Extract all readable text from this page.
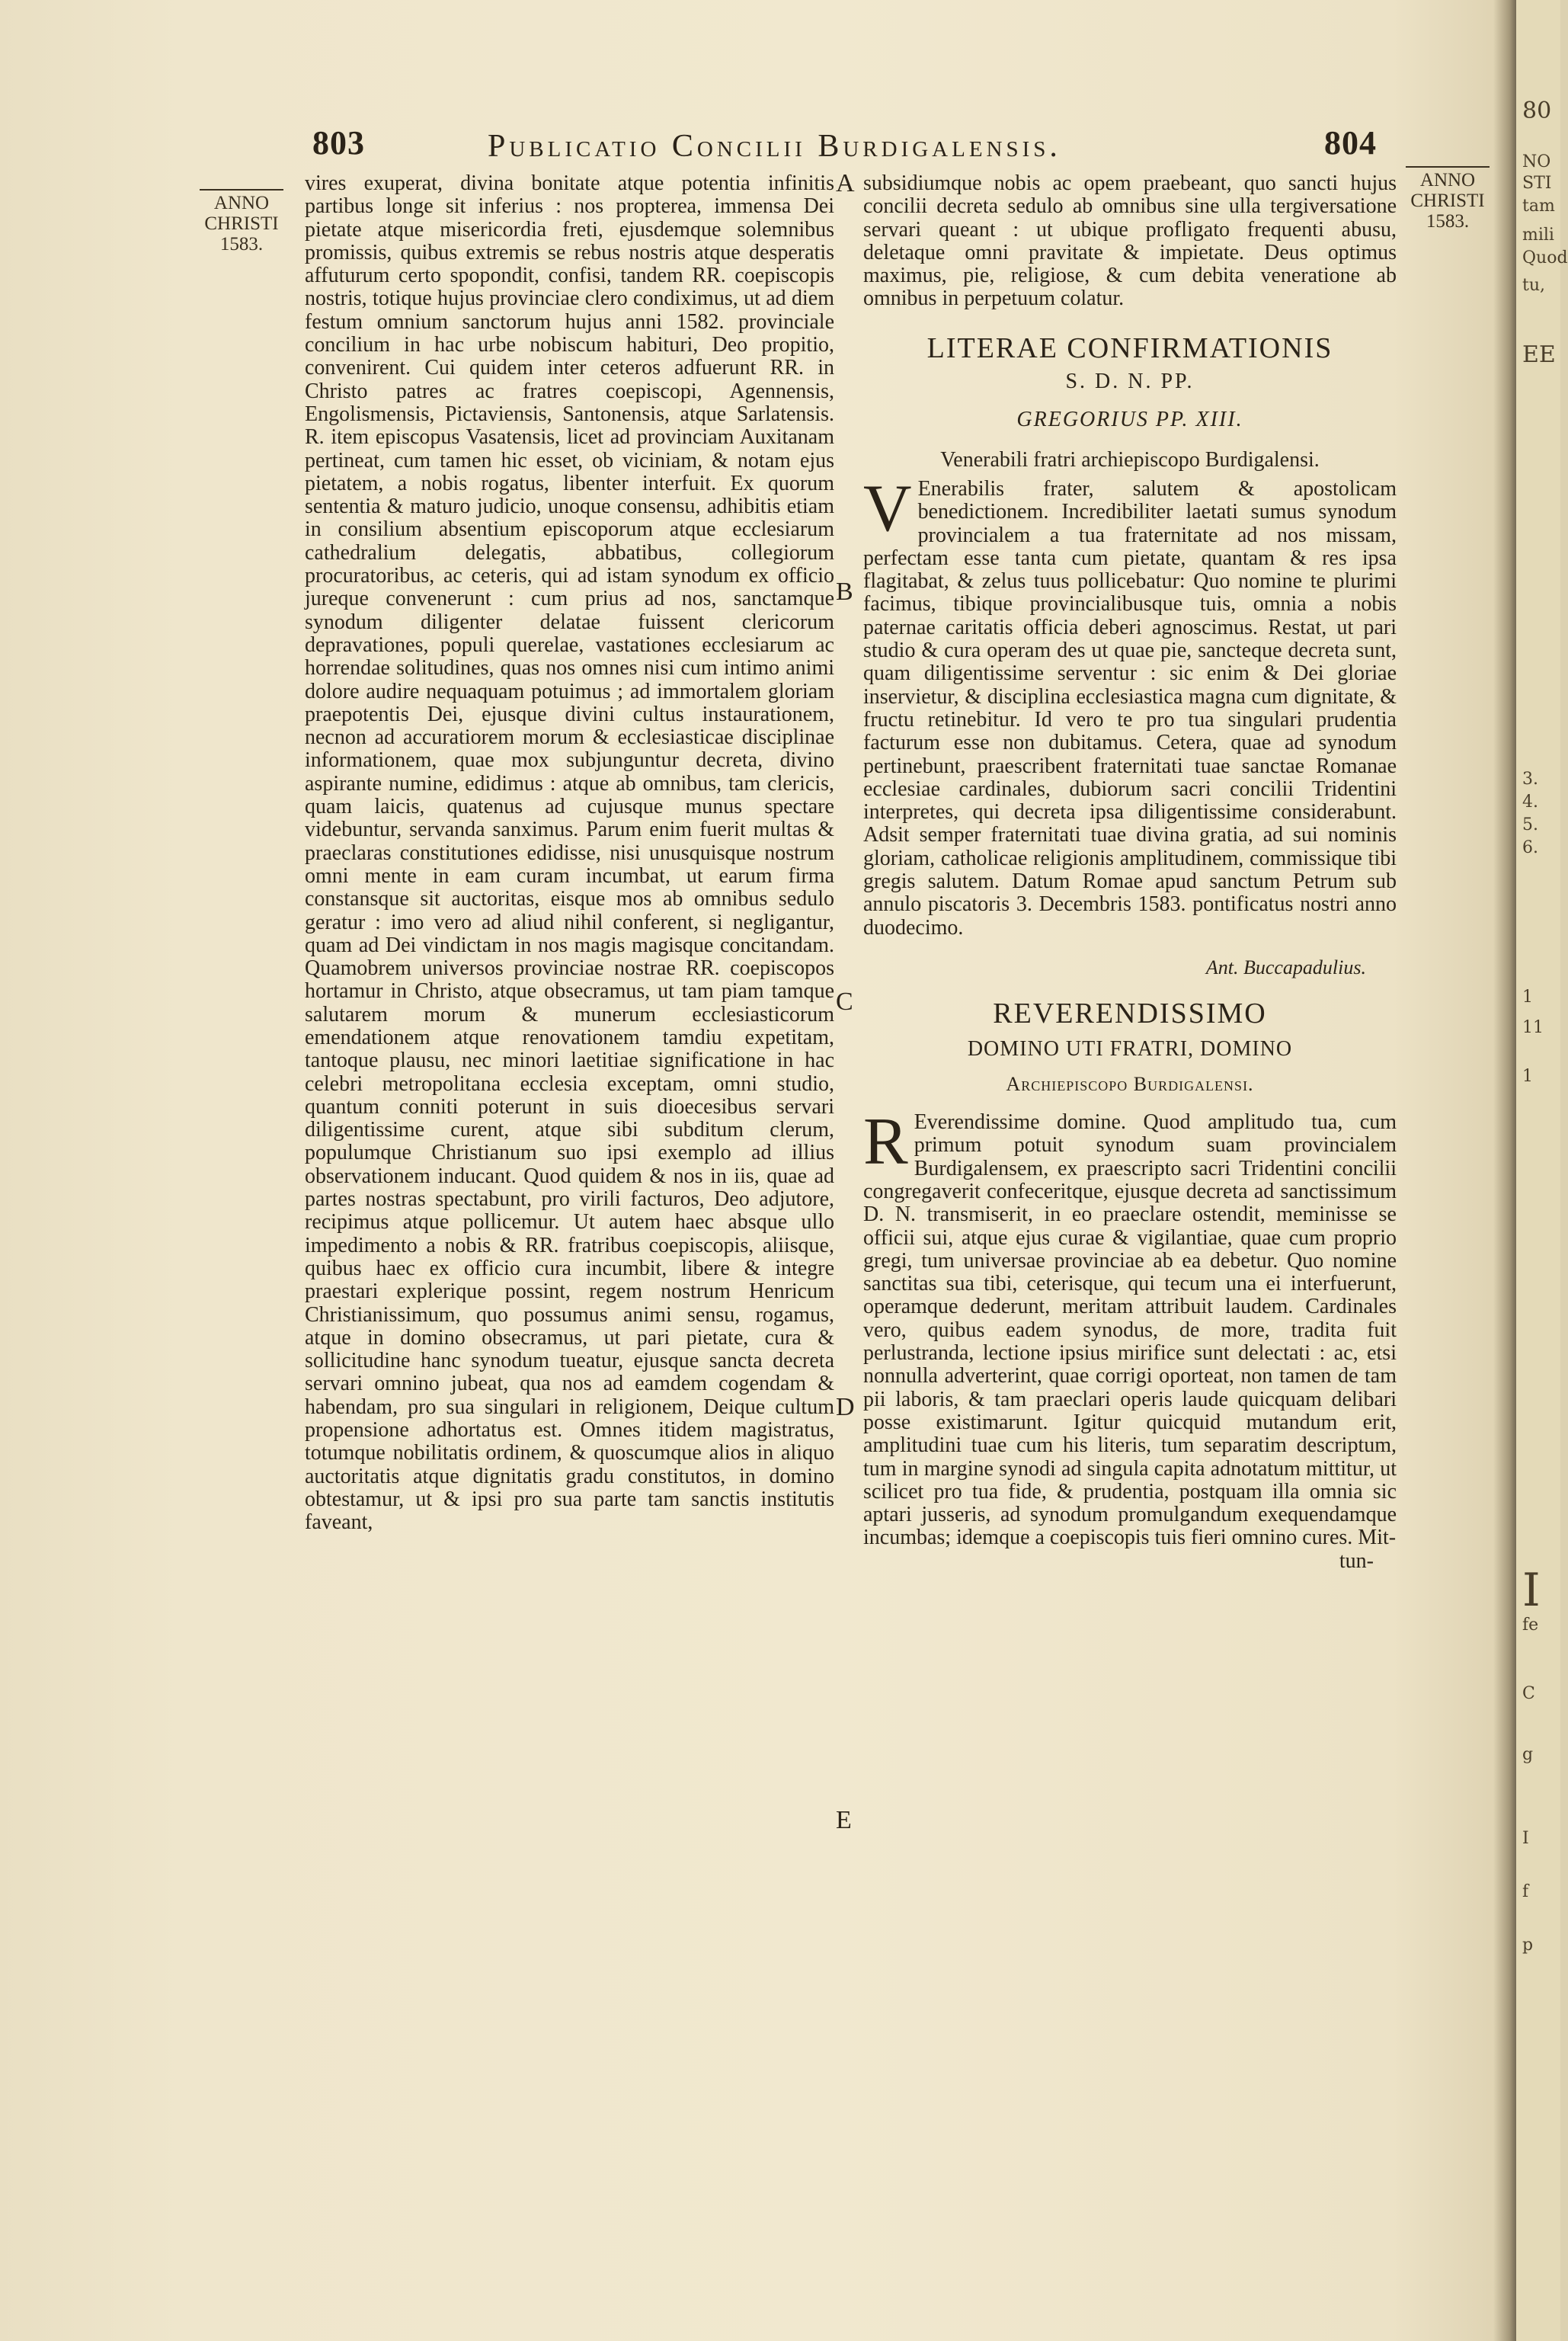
803	Publicatio Concilii Burdigalensis.	804
ANNO
CHRISTI
1583.
ANNO
CHRISTI
1583.
A
B
C
D
E

vires exuperat, divina bonitate atque potentia infinitis partibus longe sit inferius : nos propterea, immensa Dei pietate atque misericordia freti, ejusdemque solemnibus promissis, quibus extremis se rebus nostris atque desperatis affuturum certo spopondit, confisi, tandem RR. coepiscopis nostris, totique hujus provinciae clero condiximus, ut ad diem festum omnium sanctorum hujus anni 1582. provinciale concilium in hac urbe nobiscum habituri, Deo propitio, convenirent. Cui quidem inter ceteros adfuerunt RR. in Christo patres ac fratres coepiscopi, Agennensis, Engolismensis, Pictaviensis, Santonensis, atque Sarlatensis. R. item episcopus Vasatensis, licet ad provinciam Auxitanam pertineat, cum tamen hic esset, ob viciniam, & notam ejus pietatem, a nobis rogatus, libenter interfuit. Ex quorum sententia & maturo judicio, unoque consensu, adhibitis etiam in consilium absentium episcoporum atque ecclesiarum cathedralium delegatis, abbatibus, collegiorum procuratoribus, ac ceteris, qui ad istam synodum ex officio jureque convenerunt : cum prius ad nos, sanctamque synodum diligenter delatae fuissent clericorum depravationes, populi querelae, vastationes ecclesiarum ac horrendae solitudines, quas nos omnes nisi cum intimo animi dolore audire nequaquam potuimus ; ad immortalem gloriam praepotentis Dei, ejusque divini cultus instaurationem, necnon ad accuratiorem morum & ecclesiasticae disciplinae informationem, quae mox subjunguntur decreta, divino aspirante numine, edidimus : atque ab omnibus, tam clericis, quam laicis, quatenus ad cujusque munus spectare videbuntur, servanda sanximus. Parum enim fuerit multas & praeclaras constitutiones edidisse, nisi unusquisque nostrum omni mente in eam curam incumbat, ut earum firma constansque sit auctoritas, eisque mos ab omnibus sedulo geratur : imo vero ad aliud nihil conferent, si negligantur, quam ad Dei vindictam in nos magis magisque concitandam. Quamobrem universos provinciae nostrae RR. coepiscopos hortamur in Christo, atque obsecramus, ut tam piam tamque salutarem morum & munerum ecclesiasticorum emendationem atque renovationem tamdiu expetitam, tantoque plausu, nec minori laetitiae significatione in hac celebri metropolitana ecclesia exceptam, omni studio, quantum conniti poterunt in suis dioecesibus servari diligentissime curent, atque sibi subditum clerum, populumque Christianum suo ipsi exemplo ad illius observationem inducant. Quod quidem & nos in iis, quae ad partes nostras spectabunt, pro virili facturos, Deo adjutore, recipimus atque pollicemur. Ut autem haec absque ullo impedimento a nobis & RR. fratribus coepiscopis, aliisque, quibus haec ex officio cura incumbit, libere & integre praestari explerique possint, regem nostrum Henricum Christianissimum, quo possumus animi sensu, rogamus, atque in domino obsecramus, ut pari pietate, cura & sollicitudine hanc synodum tueatur, ejusque sancta decreta servari omnino jubeat, qua nos ad eamdem cogendam & habendam, pro sua singulari in religionem, Deique cultum propensione adhortatus est. Omnes itidem magistratus, totumque nobilitatis ordinem, & quoscumque alios in aliquo auctoritatis atque dignitatis gradu constitutos, in domino obtestamur, ut & ipsi pro sua parte tam sanctis institutis faveant,

subsidiumque nobis ac opem praebeant, quo sancti hujus concilii decreta sedulo ab omnibus sine ulla tergiversatione servari queant : ut ubique profligato frequenti abusu, deletaque omni pravitate & impietate. Deus optimus maximus, pie, religiose, & cum debita veneratione ab omnibus in perpetuum colatur.

LITERAE CONFIRMATIONIS
S. D. N. PP.
GREGORIUS PP. XIII.
Venerabili fratri archiepiscopo Burdigalensi.

V Enerabilis frater, salutem & apostolicam benedictionem. Incredibiliter laetati sumus synodum provincialem a tua fraternitate ad nos missam, perfectam esse tanta cum pietate, quantam & res ipsa flagitabat, & zelus tuus pollicebatur: Quo nomine te plurimi facimus, tibique provincialibusque tuis, omnia a nobis paternae caritatis officia deberi agnoscimus. Restat, ut pari studio & cura operam des ut quae pie, sancteque decreta sunt, quam diligentissime serventur : sic enim & Dei gloriae inservietur, & disciplina ecclesiastica magna cum dignitate, & fructu retinebitur. Id vero te pro tua singulari prudentia facturum esse non dubitamus. Cetera, quae ad synodum pertinebunt, praescribent fraternitati tuae sanctae Romanae ecclesiae cardinales, dubiorum sacri concilii Tridentini interpretes, qui decreta ipsa diligentissime considerabunt. Adsit semper fraternitati tuae divina gratia, ad sui nominis gloriam, catholicae religionis amplitudinem, commissique tibi gregis salutem. Datum Romae apud sanctum Petrum sub annulo piscatoris 3. Decembris 1583. pontificatus nostri anno duodecimo.

Ant. Buccapadulius.
REVERENDISSIMO
DOMINO UTI FRATRI, DOMINO
Archiepiscopo Burdigalensi.

R Everendissime domine. Quod amplitudo tua, cum primum potuit synodum suam provincialem Burdigalensem, ex praescripto sacri Tridentini concilii congregaverit confeceritque, ejusque decreta ad sanctissimum D. N. transmiserit, in eo praeclare ostendit, meminisse se officii sui, atque ejus curae & vigilantiae, quae cum proprio gregi, tum universae provinciae ab ea debetur. Quo nomine sanctitas sua tibi, ceterisque, qui tecum una ei interfuerunt, operamque dederunt, meritam attribuit laudem. Cardinales vero, quibus eadem synodus, de more, tradita fuit perlustranda, lectione ipsius mirifice sunt delectati : ac, etsi nonnulla adverterint, quae corrigi oporteat, non tamen de tam pii laboris, & tam praeclari operis laude quicquam delibari posse existimarunt. Igitur quicquid mutandum erit, amplitudini tuae cum his literis, tum separatim descriptum, tum in margine synodi ad singula capita adnotatum mittitur, ut scilicet pro tua fide, & prudentia, postquam illa omnia sic aptari jusseris, ad synodum promulgandum exequendamque incumbas; idemque a coepiscopis tuis fieri omnino cures. Mit-

tun-
80
NO
STI
tam
mili
Quod
tu,
EE
3.
4.
5.
6.
1
11
1
I
fe
C
g
I
f
p
